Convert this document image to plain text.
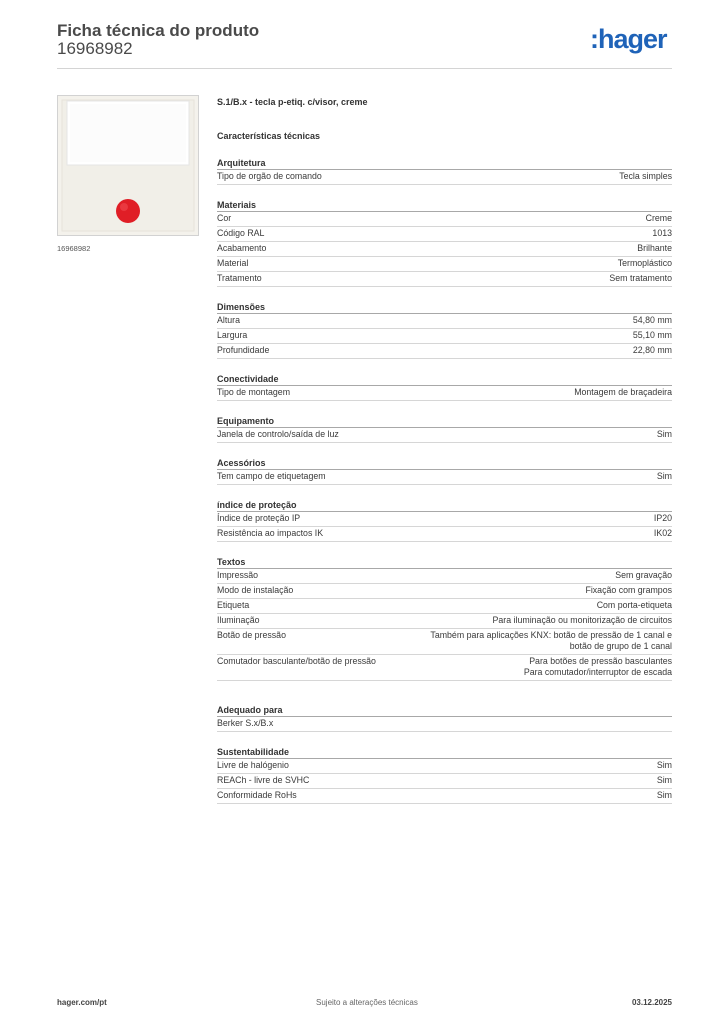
Ficha técnica do produto
16968982	:hager
16968982
S.1/B.x - tecla p-etiq. c/visor, creme
Características técnicas
Arquitetura
Tipo de orgão de comando	Tecla simples
Materiais
Cor	Creme
Código RAL	1013
Acabamento	Brilhante
Material	Termoplástico
Tratamento	Sem tratamento
Dimensões
Altura	54,80 mm
Largura	55,10 mm
Profundidade	22,80 mm
Conectividade
Tipo de montagem	Montagem de braçadeira
Equipamento
Janela de controlo/saída de luz	Sim
Acessórios
Tem campo de etiquetagem	Sim
índice de proteção
Índice de proteção IP	IP20
Resistência ao impactos IK	IK02
Textos
Impressão	Sem gravação
Modo de instalação	Fixação com grampos
Etiqueta	Com porta-etiqueta
Iluminação	Para iluminação ou monitorização de circuitos
Botão de pressão	Também para aplicações KNX: botão de pressão de 1 canal e
botão de grupo de 1 canal
Comutador basculante/botão de pressão	Para botões de pressão basculantes
Para comutador/interruptor de escada
Adequado para
Berker S.x/B.x
Sustentabilidade
Livre de halógenio	Sim
REACh - livre de SVHC	Sim
Conformidade RoHs	Sim
hager.com/pt	Sujeito a alterações técnicas	03.12.2025
